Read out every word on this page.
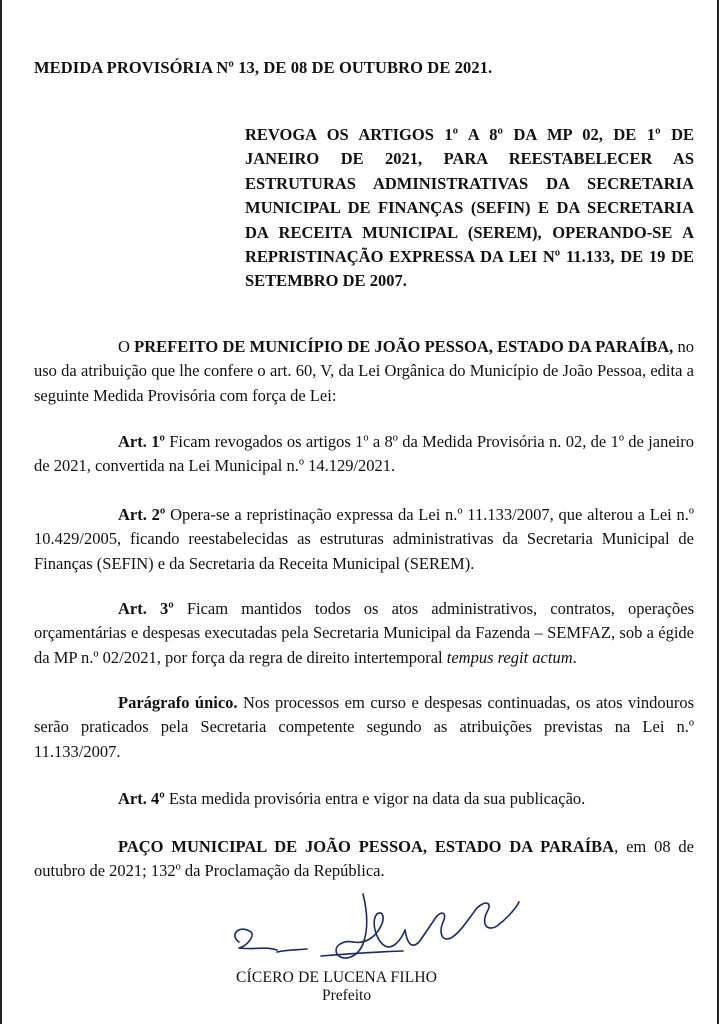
MEDIDA PROVISÓRIA Nº 13, DE 08 DE OUTUBRO DE 2021.
REVOGA OS ARTIGOS 1º A 8º DA MP 02, DE 1º DE JANEIRO DE 2021, PARA REESTABELECER AS ESTRUTURAS ADMINISTRATIVAS DA SECRETARIA MUNICIPAL DE FINANÇAS (SEFIN) E DA SECRETARIA DA RECEITA MUNICIPAL (SEREM), OPERANDO-SE A REPRISTINAÇÃO EXPRESSA DA LEI Nº 11.133, DE 19 DE SETEMBRO DE 2007.
O PREFEITO DE MUNICÍPIO DE JOÃO PESSOA, ESTADO DA PARAÍBA, no uso da atribuição que lhe confere o art. 60, V, da Lei Orgânica do Município de João Pessoa, edita a seguinte Medida Provisória com força de Lei:
Art. 1º Ficam revogados os artigos 1º a 8º da Medida Provisória n. 02, de 1º de janeiro de 2021, convertida na Lei Municipal n.º 14.129/2021.
Art. 2º Opera-se a repristinação expressa da Lei n.º 11.133/2007, que alterou a Lei n.º 10.429/2005, ficando reestabelecidas as estruturas administrativas da Secretaria Municipal de Finanças (SEFIN) e da Secretaria da Receita Municipal (SEREM).
Art. 3º Ficam mantidos todos os atos administrativos, contratos, operações orçamentárias e despesas executadas pela Secretaria Municipal da Fazenda – SEMFAZ, sob a égide da MP n.º 02/2021, por força da regra de direito intertemporal tempus regit actum.
Parágrafo único. Nos processos em curso e despesas continuadas, os atos vindouros serão praticados pela Secretaria competente segundo as atribuições previstas na Lei n.º 11.133/2007.
Art. 4º Esta medida provisória entra e vigor na data da sua publicação.
PAÇO MUNICIPAL DE JOÃO PESSOA, ESTADO DA PARAÍBA, em 08 de outubro de 2021; 132º da Proclamação da República.
CÍCERO DE LUCENA FILHO
Prefeito
